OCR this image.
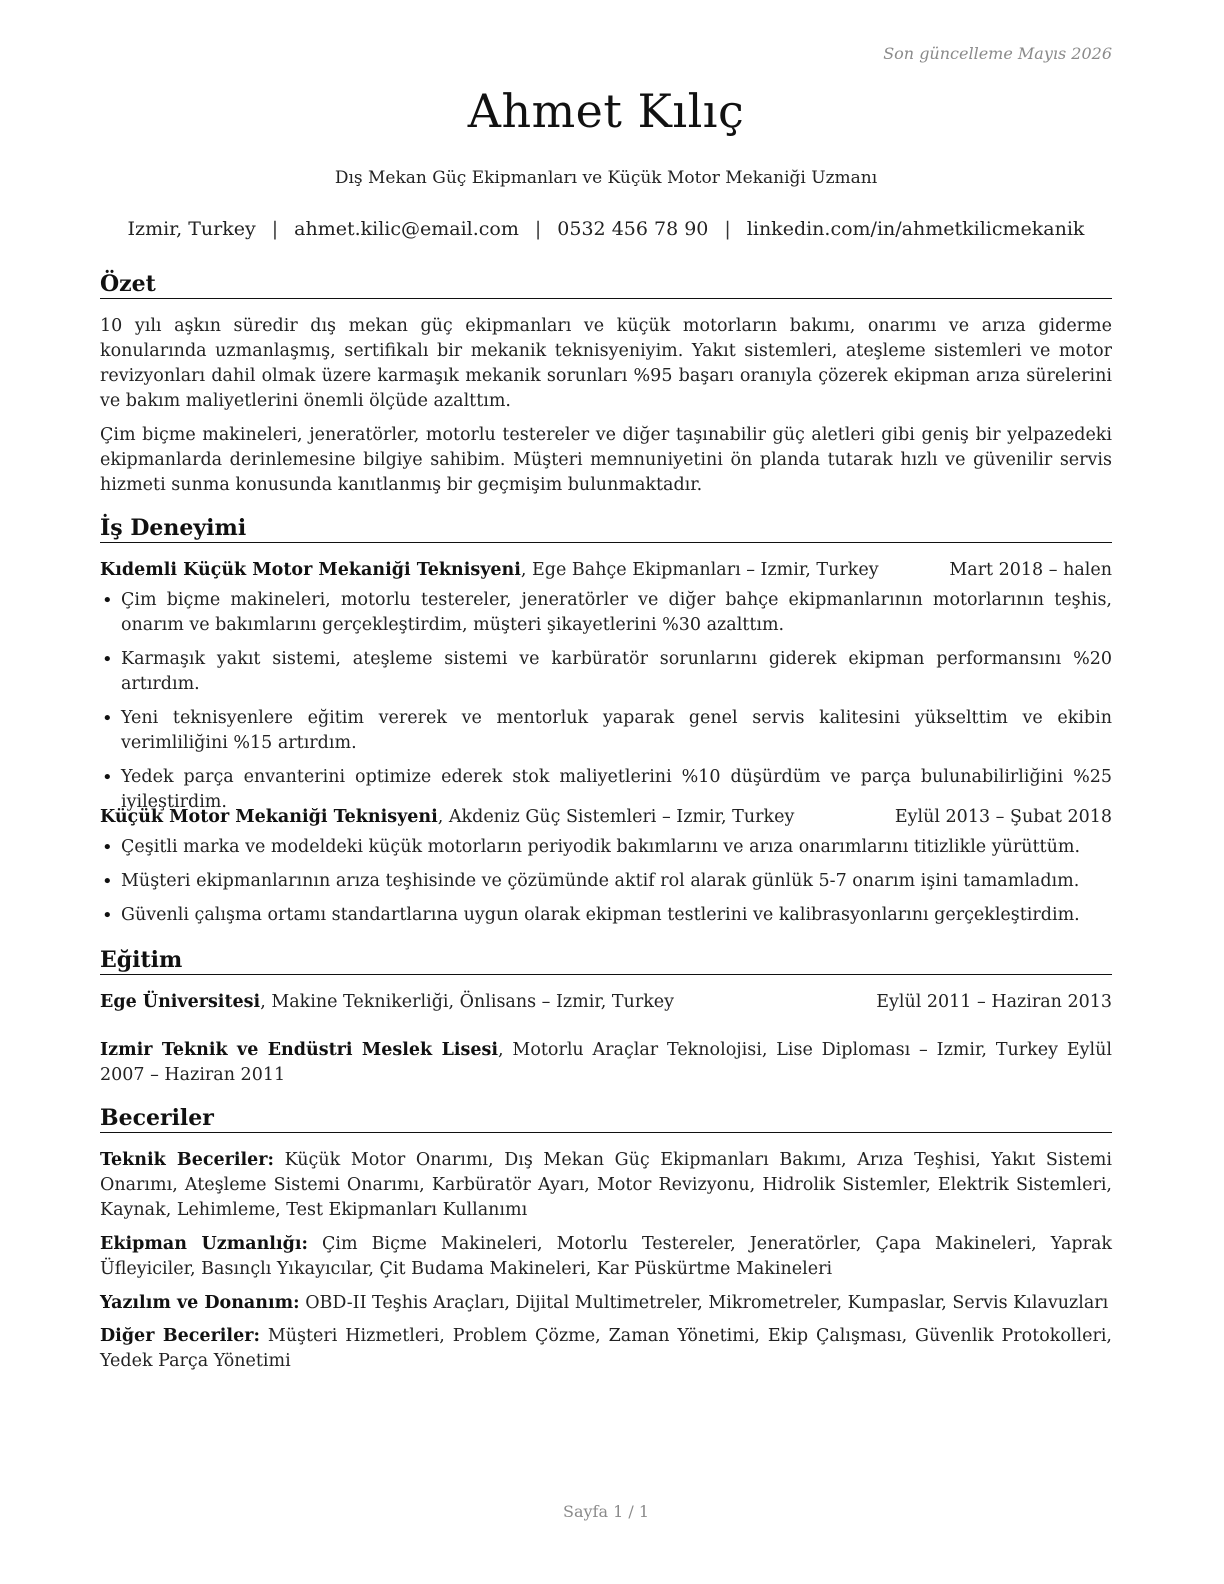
Son güncelleme Mayıs 2026
Ahmet Kılıç
Dış Mekan Güç Ekipmanları ve Küçük Motor Mekaniği Uzmanı
Izmir, Turkey | ahmet.kilic@email.com | 0532 456 78 90 | linkedin.com/in/ahmetkilicmekanik
Özet
10 yılı aşkın süredir dış mekan güç ekipmanları ve küçük motorların bakımı, onarımı ve arıza giderme konularında uzmanlaşmış, sertifikalı bir mekanik teknisyeniyim. Yakıt sistemleri, ateşleme sistemleri ve motor revizyonları dahil olmak üzere karmaşık mekanik sorunları %95 başarı oranıyla çözerek ekipman arıza sürelerini ve bakım maliyetlerini önemli ölçüde azalttım.
Çim biçme makineleri, jeneratörler, motorlu testereler ve diğer taşınabilir güç aletleri gibi geniş bir yelpazedeki ekipmanlarda derinlemesine bilgiye sahibim. Müşteri memnuniyetini ön planda tutarak hızlı ve güvenilir servis hizmeti sunma konusunda kanıtlanmış bir geçmişim bulunmaktadır.
İş Deneyimi
Kıdemli Küçük Motor Mekaniği Teknisyeni, Ege Bahçe Ekipmanları – Izmir, Turkey	Mart 2018 – halen
• Çim biçme makineleri, motorlu testereler, jeneratörler ve diğer bahçe ekipmanlarının motorlarının teşhis, onarım ve bakımlarını gerçekleştirdim, müşteri şikayetlerini %30 azalttım.
• Karmaşık yakıt sistemi, ateşleme sistemi ve karbüratör sorunlarını giderek ekipman performansını %20 artırdım.
• Yeni teknisyenlere eğitim vererek ve mentorluk yaparak genel servis kalitesini yükselttim ve ekibin verimliliğini %15 artırdım.
• Yedek parça envanterini optimize ederek stok maliyetlerini %10 düşürdüm ve parça bulunabilirliğini %25 iyileştirdim.
Küçük Motor Mekaniği Teknisyeni, Akdeniz Güç Sistemleri – Izmir, Turkey	Eylül 2013 – Şubat 2018
• Çeşitli marka ve modeldeki küçük motorların periyodik bakımlarını ve arıza onarımlarını titizlikle yürüttüm.
• Müşteri ekipmanlarının arıza teşhisinde ve çözümünde aktif rol alarak günlük 5-7 onarım işini tamamladım.
• Güvenli çalışma ortamı standartlarına uygun olarak ekipman testlerini ve kalibrasyonlarını gerçekleştirdim.
Eğitim
Ege Üniversitesi, Makine Teknikerliği, Önlisans – Izmir, Turkey	Eylül 2011 – Haziran 2013
Izmir Teknik ve Endüstri Meslek Lisesi, Motorlu Araçlar Teknolojisi, Lise Diploması – Izmir, Turkey Eylül 2007 – Haziran 2011
Beceriler
Teknik Beceriler: Küçük Motor Onarımı, Dış Mekan Güç Ekipmanları Bakımı, Arıza Teşhisi, Yakıt Sistemi Onarımı, Ateşleme Sistemi Onarımı, Karbüratör Ayarı, Motor Revizyonu, Hidrolik Sistemler, Elektrik Sistemleri, Kaynak, Lehimleme, Test Ekipmanları Kullanımı
Ekipman Uzmanlığı: Çim Biçme Makineleri, Motorlu Testereler, Jeneratörler, Çapa Makineleri, Yaprak Üfleyiciler, Basınçlı Yıkayıcılar, Çit Budama Makineleri, Kar Püskürtme Makineleri
Yazılım ve Donanım: OBD-II Teşhis Araçları, Dijital Multimetreler, Mikrometreler, Kumpaslar, Servis Kılavuzları
Diğer Beceriler: Müşteri Hizmetleri, Problem Çözme, Zaman Yönetimi, Ekip Çalışması, Güvenlik Protokolleri, Yedek Parça Yönetimi
Sayfa 1 / 1
